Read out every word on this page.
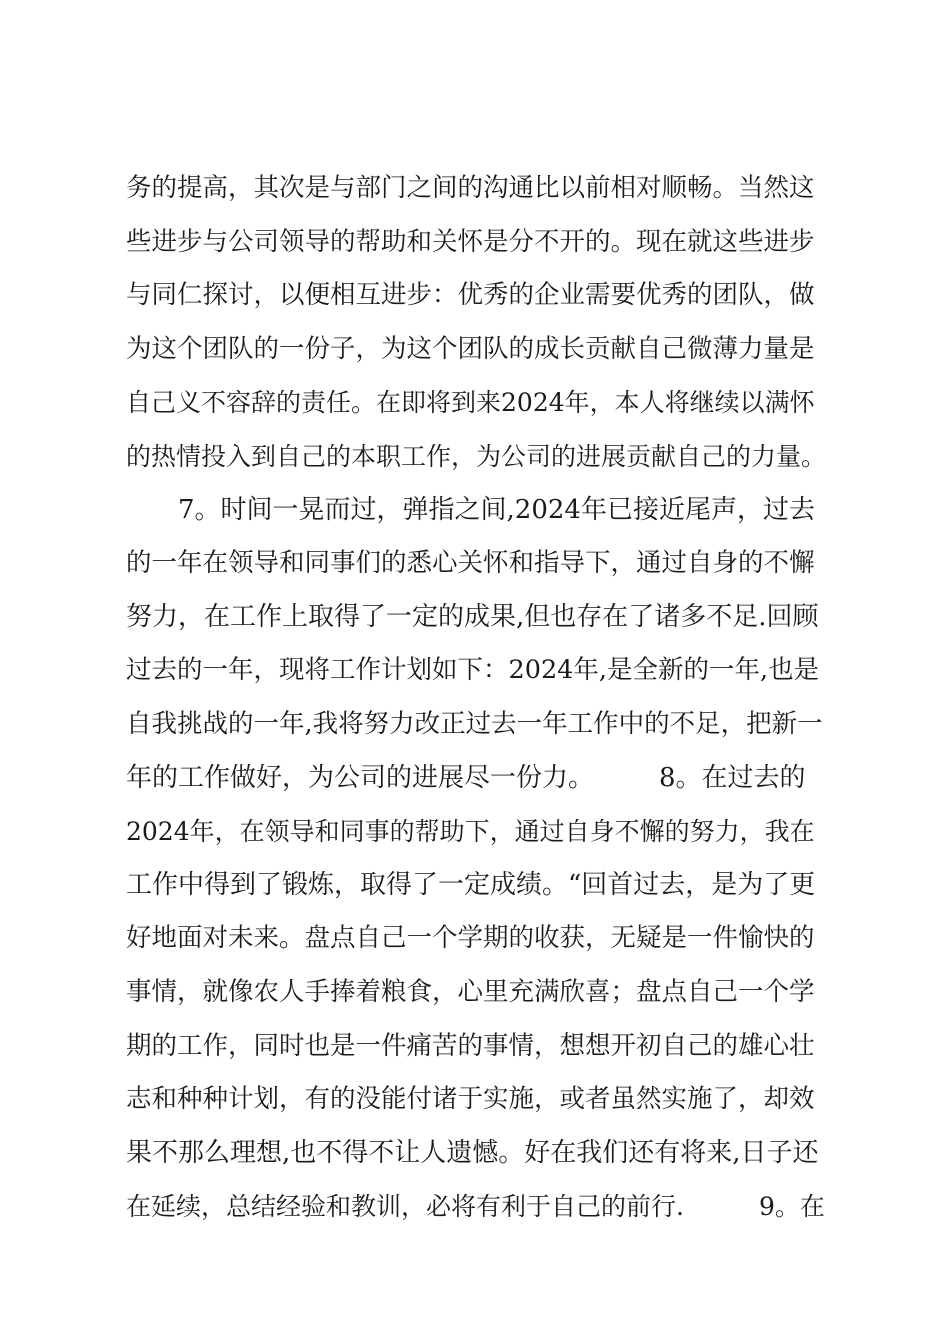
务的提高，其次是与部门之间的沟通比以前相对顺畅。当然这
些进步与公司领导的帮助和关怀是分不开的。现在就这些进步
与同仁探讨，以便相互进步：优秀的企业需要优秀的团队，做
为这个团队的一份子，为这个团队的成长贡献自己微薄力量是
自己义不容辞的责任。在即将到来2024年，本人将继续以满怀
的热情投入到自己的本职工作，为公司的进展贡献自己的力量。
　　7。时间一晃而过，弹指之间,2024年已接近尾声，过去
的一年在领导和同事们的悉心关怀和指导下，通过自身的不懈
努力，在工作上取得了一定的成果,但也存在了诸多不足.回顾
过去的一年，现将工作计划如下：2024年,是全新的一年,也是
自我挑战的一年,我将努力改正过去一年工作中的不足，把新一
年的工作做好，为公司的进展尽一份力。　　　8。在过去的
2024年，在领导和同事的帮助下，通过自身不懈的努力，我在
工作中得到了锻炼，取得了一定成绩。“回首过去，是为了更
好地面对未来。盘点自己一个学期的收获，无疑是一件愉快的
事情，就像农人手捧着粮食，心里充满欣喜；盘点自己一个学
期的工作，同时也是一件痛苦的事情，想想开初自己的雄心壮
志和种种计划，有的没能付诸于实施，或者虽然实施了，却效
果不那么理想,也不得不让人遗憾。好在我们还有将来,日子还
在延续，总结经验和教训，必将有利于自己的前行.　　　9。在
